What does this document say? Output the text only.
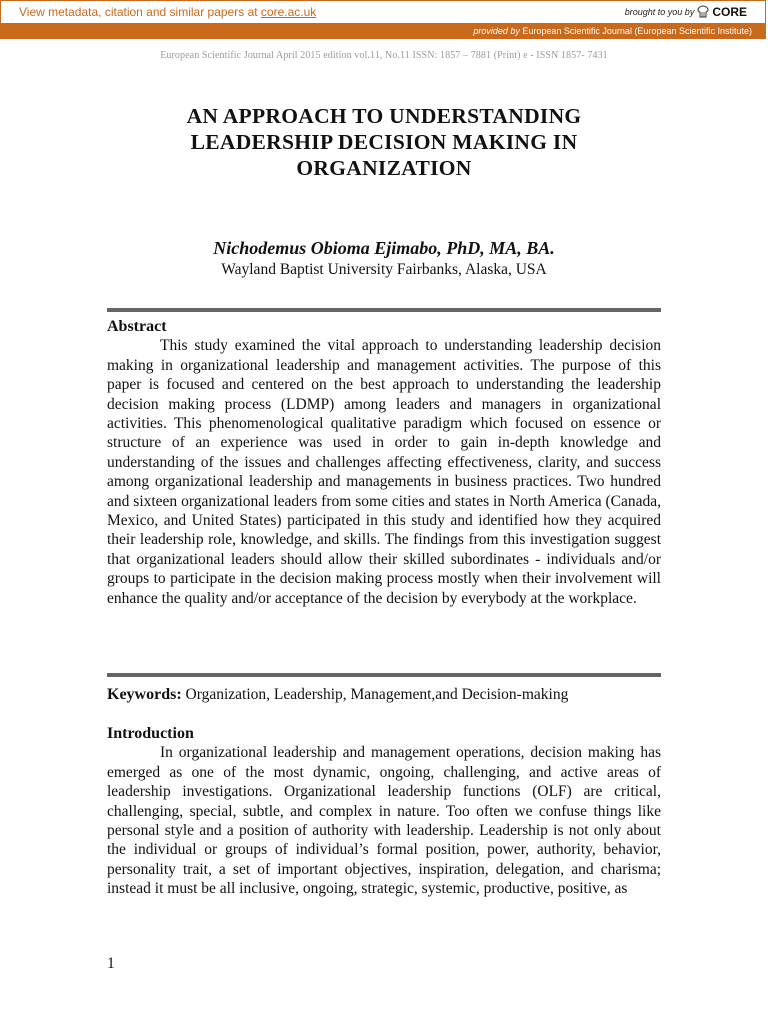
View metadata, citation and similar papers at core.ac.uk	brought to you by CORE
provided by European Scientific Journal (European Scientific Institute)
European Scientific Journal April 2015 edition vol.11, No.11 ISSN: 1857 – 7881 (Print) e - ISSN 1857- 7431
AN APPROACH TO UNDERSTANDING
LEADERSHIP DECISION MAKING IN
ORGANIZATION
Nichodemus Obioma Ejimabo, PhD, MA, BA.
Wayland Baptist University Fairbanks, Alaska, USA
Abstract
This study examined the vital approach to understanding leadership decision making in organizational leadership and management activities. The purpose of this paper is focused and centered on the best approach to understanding the leadership decision making process (LDMP) among leaders and managers in organizational activities. This phenomenological qualitative paradigm which focused on essence or structure of an experience was used in order to gain in-depth knowledge and understanding of the issues and challenges affecting effectiveness, clarity, and success among organizational leadership and managements in business practices. Two hundred and sixteen organizational leaders from some cities and states in North America (Canada, Mexico, and United States) participated in this study and identified how they acquired their leadership role, knowledge, and skills. The findings from this investigation suggest that organizational leaders should allow their skilled subordinates - individuals and/or groups to participate in the decision making process mostly when their involvement will enhance the quality and/or acceptance of the decision by everybody at the workplace.
Keywords: Organization, Leadership, Management,and Decision-making
Introduction
In organizational leadership and management operations, decision making has emerged as one of the most dynamic, ongoing, challenging, and active areas of leadership investigations. Organizational leadership functions (OLF) are critical, challenging, special, subtle, and complex in nature. Too often we confuse things like personal style and a position of authority with leadership. Leadership is not only about the individual or groups of individual’s formal position, power, authority, behavior, personality trait, a set of important objectives, inspiration, delegation, and charisma; instead it must be all inclusive, ongoing, strategic, systemic, productive, positive, as
1
